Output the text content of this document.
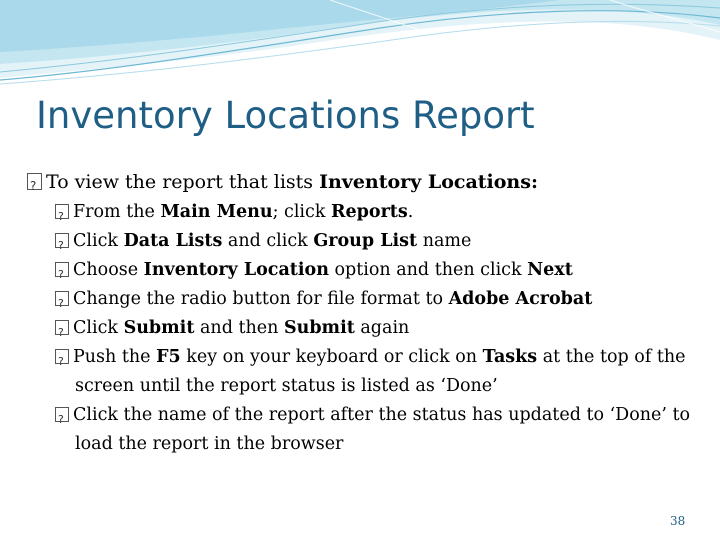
Inventory Locations Report
?To view the report that lists Inventory Locations:
?From the Main Menu; click Reports.
?Click Data Lists and click Group List name
?Choose Inventory Location option and then click Next
?Change the radio button for file format to Adobe Acrobat
?Click Submit and then Submit again
?Push the F5 key on your keyboard or click on Tasks at the top of the screen until the report status is listed as ‘Done’
?Click the name of the report after the status has updated to ‘Done’ to load the report in the browser
38
